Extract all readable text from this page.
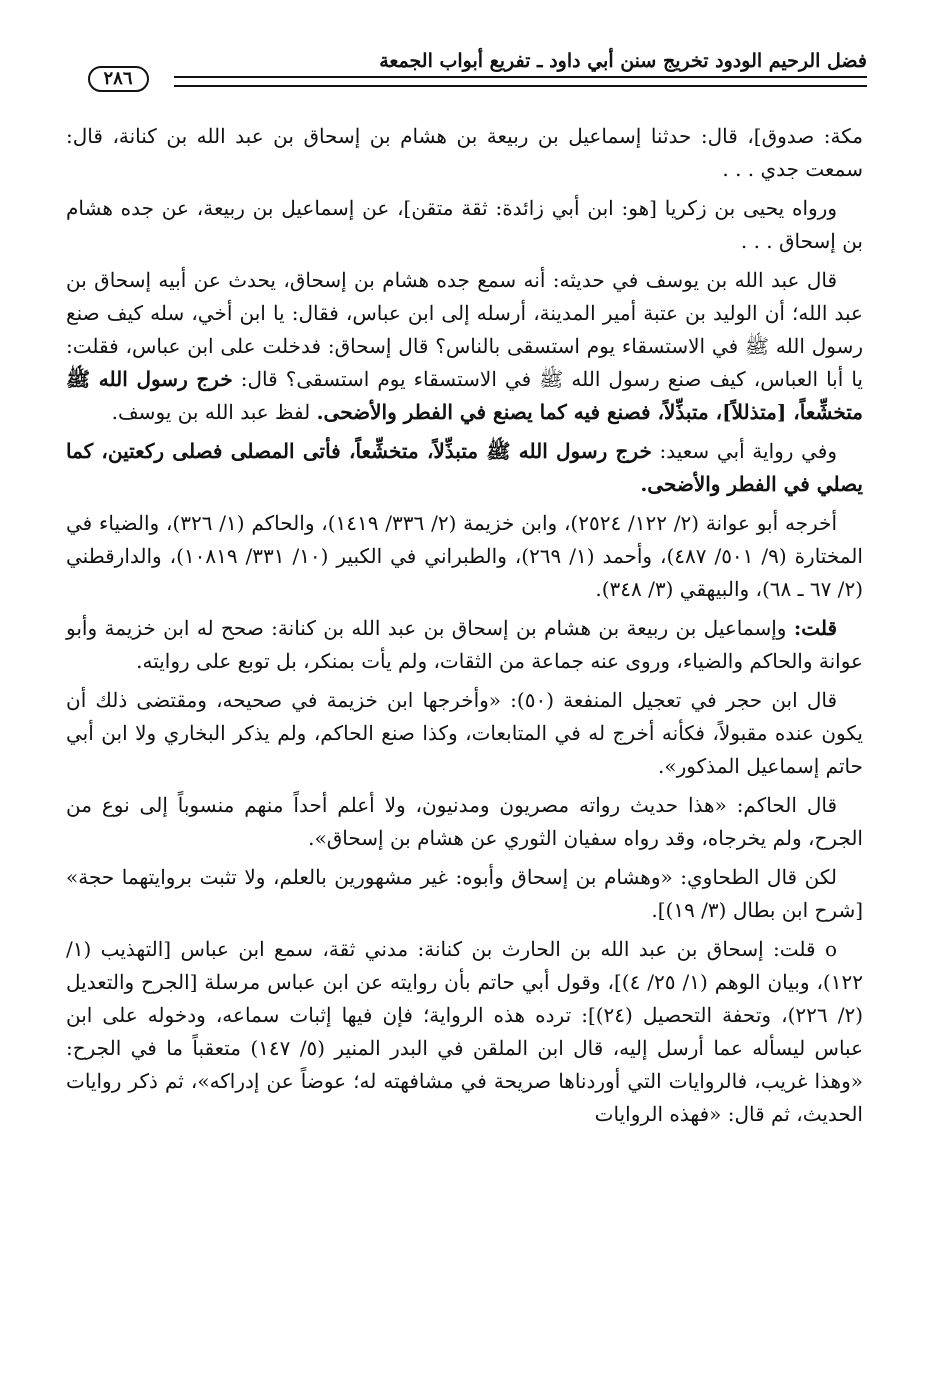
فضل الرحيم الودود تخريج سنن أبي داود ـ تفريع أبواب الجمعة
٢٨٦

مكة: صدوق]، قال: حدثنا إسماعيل بن ربيعة بن هشام بن إسحاق بن عبد الله بن كنانة، قال: سمعت جدي . . .

ورواه يحيى بن زكريا [هو: ابن أبي زائدة: ثقة متقن]، عن إسماعيل بن ربيعة، عن جده هشام بن إسحاق . . .

قال عبد الله بن يوسف في حديثه: أنه سمع جده هشام بن إسحاق، يحدث عن أبيه إسحاق بن عبد الله؛ أن الوليد بن عتبة أمير المدينة، أرسله إلى ابن عباس، فقال: يا ابن أخي، سله كيف صنع رسول الله ﷺ في الاستسقاء يوم استسقى بالناس؟ قال إسحاق: فدخلت على ابن عباس، فقلت: يا أبا العباس، كيف صنع رسول الله ﷺ في الاستسقاء يوم استسقى؟ قال: خرج رسول الله ﷺ متخشِّعاً، [متذللاً]، متبذِّلاً، فصنع فيه كما يصنع في الفطر والأضحى. لفظ عبد الله بن يوسف.

وفي رواية أبي سعيد: خرج رسول الله ﷺ متبذِّلاً، متخشِّعاً، فأتى المصلى فصلى ركعتين، كما يصلي في الفطر والأضحى.

أخرجه أبو عوانة (٢/ ١٢٢/ ٢٥٢٤)، وابن خزيمة (٢/ ٣٣٦/ ١٤١٩)، والحاكم (١/ ٣٢٦)، والضياء في المختارة (٩/ ٥٠١/ ٤٨٧)، وأحمد (١/ ٢٦٩)، والطبراني في الكبير (١٠/ ٣٣١/ ١٠٨١٩)، والدارقطني (٢/ ٦٧ ـ ٦٨)، والبيهقي (٣/ ٣٤٨).

قلت: وإسماعيل بن ربيعة بن هشام بن إسحاق بن عبد الله بن كنانة: صحح له ابن خزيمة وأبو عوانة والحاكم والضياء، وروى عنه جماعة من الثقات، ولم يأت بمنكر، بل توبع على روايته.

قال ابن حجر في تعجيل المنفعة (٥٠): «وأخرجها ابن خزيمة في صحيحه، ومقتضى ذلك أن يكون عنده مقبولاً، فكأنه أخرج له في المتابعات، وكذا صنع الحاكم، ولم يذكر البخاري ولا ابن أبي حاتم إسماعيل المذكور».

قال الحاكم: «هذا حديث رواته مصريون ومدنيون، ولا أعلم أحداً منهم منسوباً إلى نوع من الجرح، ولم يخرجاه، وقد رواه سفيان الثوري عن هشام بن إسحاق».

لكن قال الطحاوي: «وهشام بن إسحاق وأبوه: غير مشهورين بالعلم، ولا تثبت بروايتهما حجة» [شرح ابن بطال (٣/ ١٩)].

o قلت: إسحاق بن عبد الله بن الحارث بن كنانة: مدني ثقة، سمع ابن عباس [التهذيب (١/ ١٢٢)، وبيان الوهم (١/ ٢٥/ ٤)]، وقول أبي حاتم بأن روايته عن ابن عباس مرسلة [الجرح والتعديل (٢/ ٢٢٦)، وتحفة التحصيل (٢٤)]: ترده هذه الرواية؛ فإن فيها إثبات سماعه، ودخوله على ابن عباس ليسأله عما أرسل إليه، قال ابن الملقن في البدر المنير (٥/ ١٤٧) متعقباً ما في الجرح: «وهذا غريب، فالروايات التي أوردناها صريحة في مشافهته له؛ عوضاً عن إدراكه»، ثم ذكر روايات الحديث، ثم قال: «فهذه الروايات
